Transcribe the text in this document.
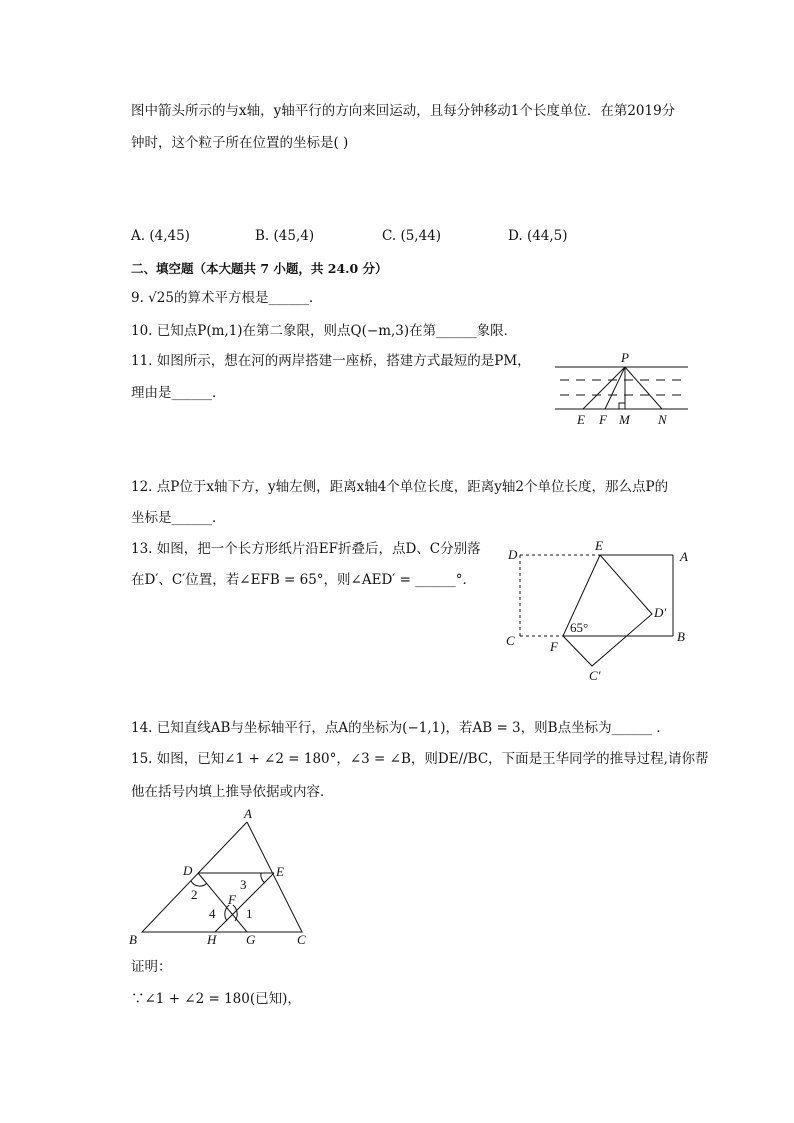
图中箭头所示的与x轴，y轴平行的方向来回运动，且每分钟移动1个长度单位．在第2019分
钟时，这个粒子所在位置的坐标是( )
A. (4,45)	B. (45,4)	C. (5,44)	D. (44,5)
二、填空题（本大题共 7 小题，共 24.0 分）
9. √25的算术平方根是______．
10. 已知点P(m,1)在第二象限，则点Q(−m,3)在第______象限．
11. 如图所示，想在河的两岸搭建一座桥，搭建方式最短的是PM，
理由是______．
P
E F M N
12. 点P位于x轴下方，y轴左侧，距离x轴4个单位长度，距离y轴2个单位长度，那么点P的
坐标是______．
13. 如图，把一个长方形纸片沿EF折叠后，点D、C分别落
在D′、C′位置，若∠EFB = 65°，则∠AED′ = ______°．
D
E
A
D′
C	F
B
C′
65°
14. 已知直线AB与坐标轴平行，点A的坐标为(−1,1)，若AB = 3，则B点坐标为______ ．
15. 如图，已知∠1 + ∠2 = 180°，∠3 = ∠B，则DE//BC，下面是王华同学的推导过程,请你帮
他在括号内填上推导依据或内容．
A
D	E
F
B	H G	C
1
2
3
4
证明：
∵∠1 + ∠2 = 180(已知)，
